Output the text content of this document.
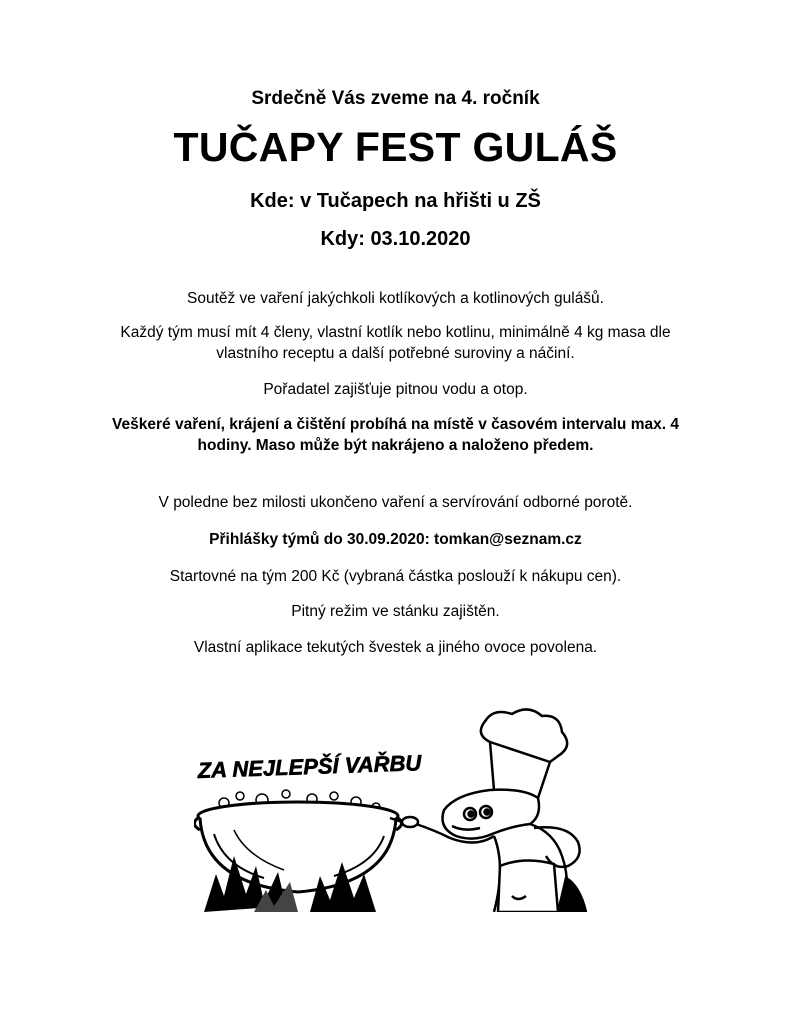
Srdečně Vás zveme na 4. ročník
TUČAPY FEST GULÁŠ
Kde: v Tučapech na hřišti u ZŠ
Kdy: 03.10.2020
Soutěž ve vaření jakýchkoli kotlíkových a kotlinových gulášů.
Každý tým musí mít 4 členy, vlastní kotlík nebo kotlinu, minimálně 4 kg masa dle vlastního receptu a další potřebné suroviny a náčiní.
Pořadatel zajišťuje pitnou vodu a otop.
Veškeré vaření, krájení a čištění probíhá na místě v časovém intervalu max. 4 hodiny. Maso může být nakrájeno a naloženo předem.
V poledne bez milosti ukončeno vaření a servírování odborné porotě.
Přihlášky týmů do 30.09.2020: tomkan@seznam.cz
Startovné na tým 200 Kč (vybraná částka poslouží k nákupu cen).
Pitný režim ve stánku zajištěn.
Vlastní aplikace tekutých švestek a jiného ovoce povolena.
ZA NEJLEPŠÍ VAŘBU
